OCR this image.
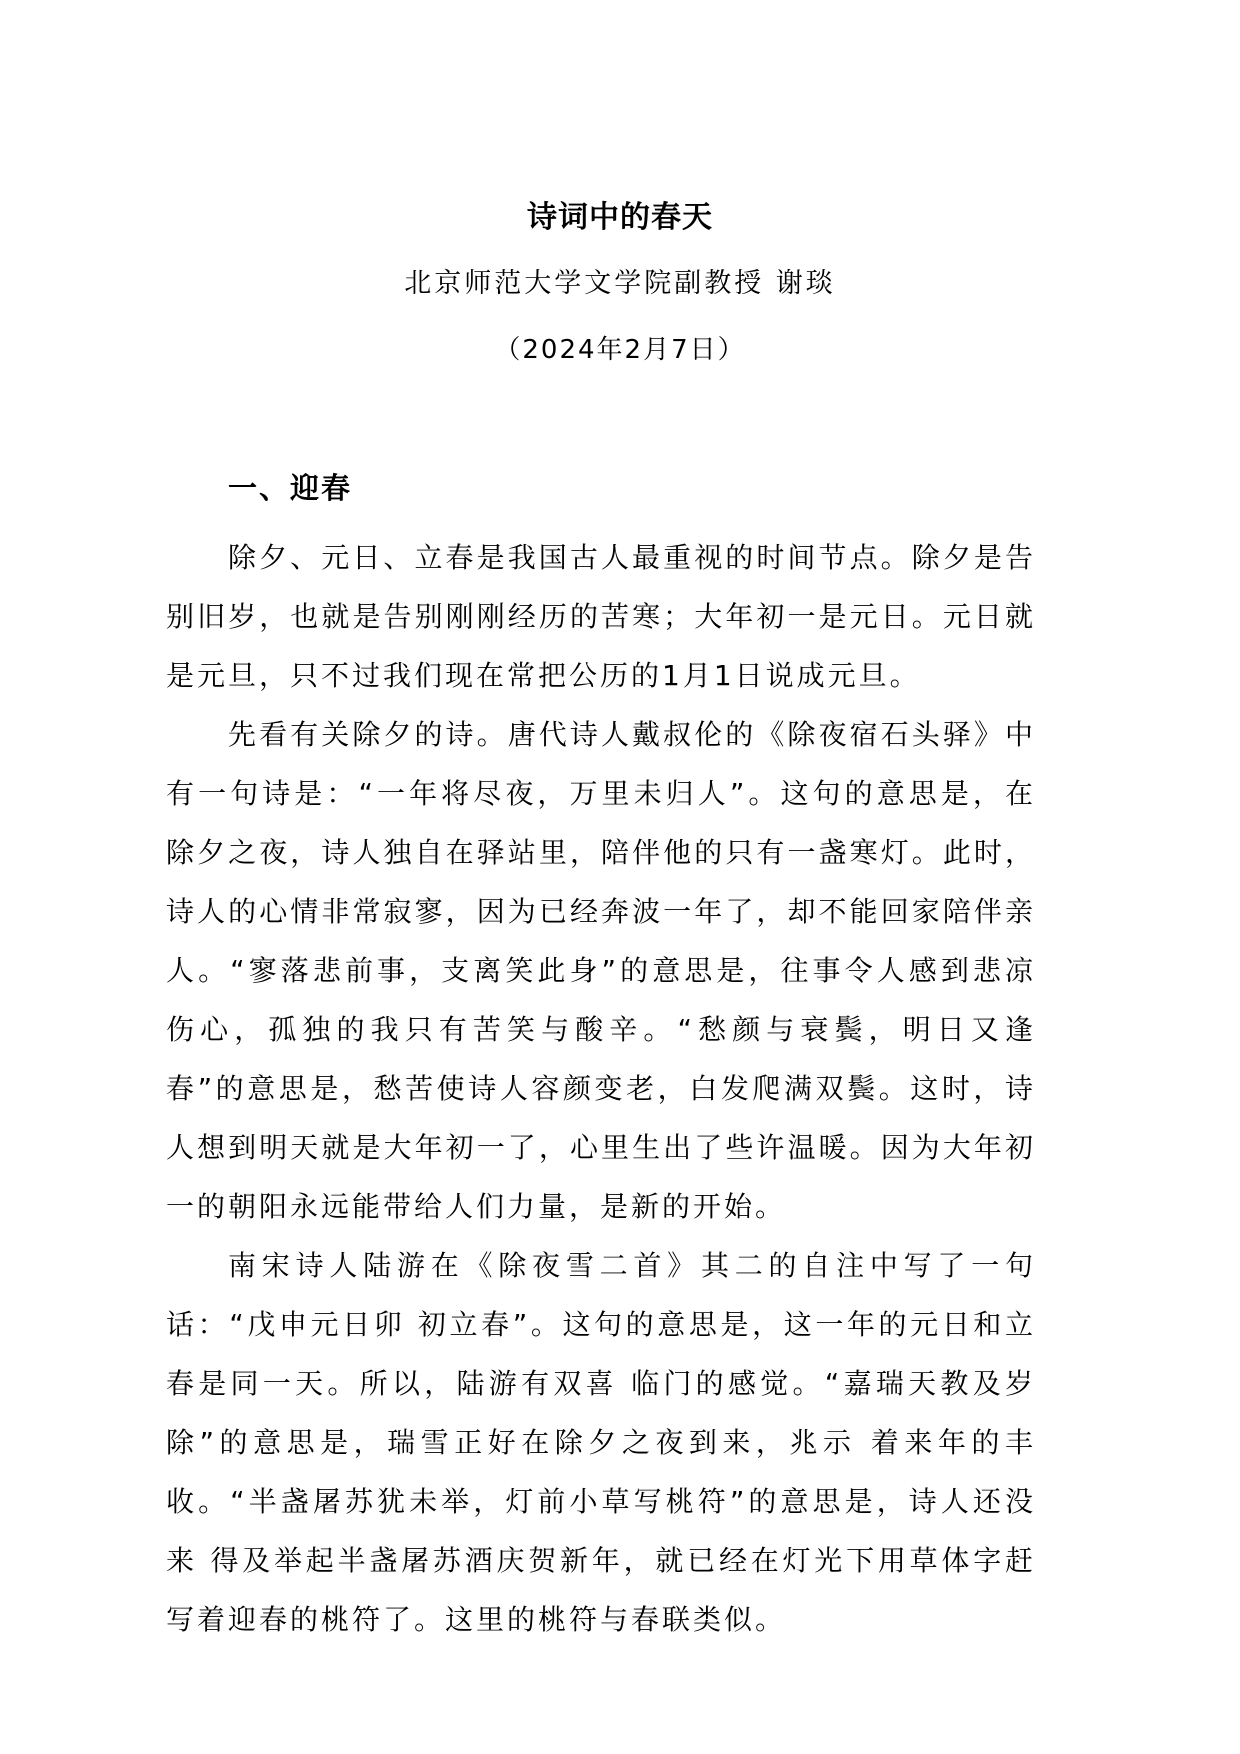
诗词中的春天
北京师范大学文学院副教授 谢琰
（2024年2月7日）
一、迎春

除夕、元日、立春是我国古人最重视的时间节点。除夕是告别旧岁，也就是告别刚刚经历的苦寒；大年初一是元日。元日就是元旦，只不过我们现在常把公历的1月1日说成元旦。

先看有关除夕的诗。唐代诗人戴叔伦的《除夜宿石头驿》中有一句诗是：“一年将尽夜，万里未归人”。这句的意思是，在除夕之夜，诗人独自在驿站里，陪伴他的只有一盏寒灯。此时，诗人的心情非常寂寥，因为已经奔波一年了，却不能回家陪伴亲人。“寥落悲前事，支离笑此身”的意思是，往事令人感到悲凉伤心，孤独的我只有苦笑与酸辛。“愁颜与衰鬓，明日又逢春”的意思是，愁苦使诗人容颜变老，白发爬满双鬓。这时，诗人想到明天就是大年初一了，心里生出了些许温暖。因为大年初一的朝阳永远能带给人们力量，是新的开始。

南宋诗人陆游在《除夜雪二首》其二的自注中写了一句话：“戊申元日卯 初立春”。这句的意思是，这一年的元日和立春是同一天。所以，陆游有双喜 临门的感觉。“嘉瑞天教及岁除”的意思是，瑞雪正好在除夕之夜到来，兆示 着来年的丰收。“半盏屠苏犹未举，灯前小草写桃符”的意思是，诗人还没来 得及举起半盏屠苏酒庆贺新年，就已经在灯光下用草体字赶写着迎春的桃符了。这里的桃符与春联类似。
